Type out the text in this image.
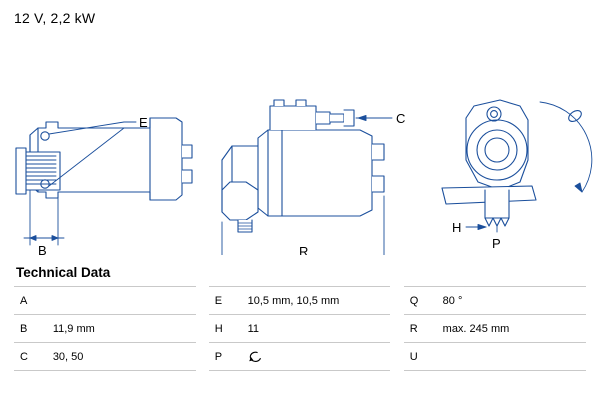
12 V, 2,2 kW
E
B
C
R
H
P
Technical Data
A			E	10,5 mm, 10,5 mm		Q	80 °
B	11,9 mm		H	11		R	max. 245 mm
C	30, 50		P			U	
